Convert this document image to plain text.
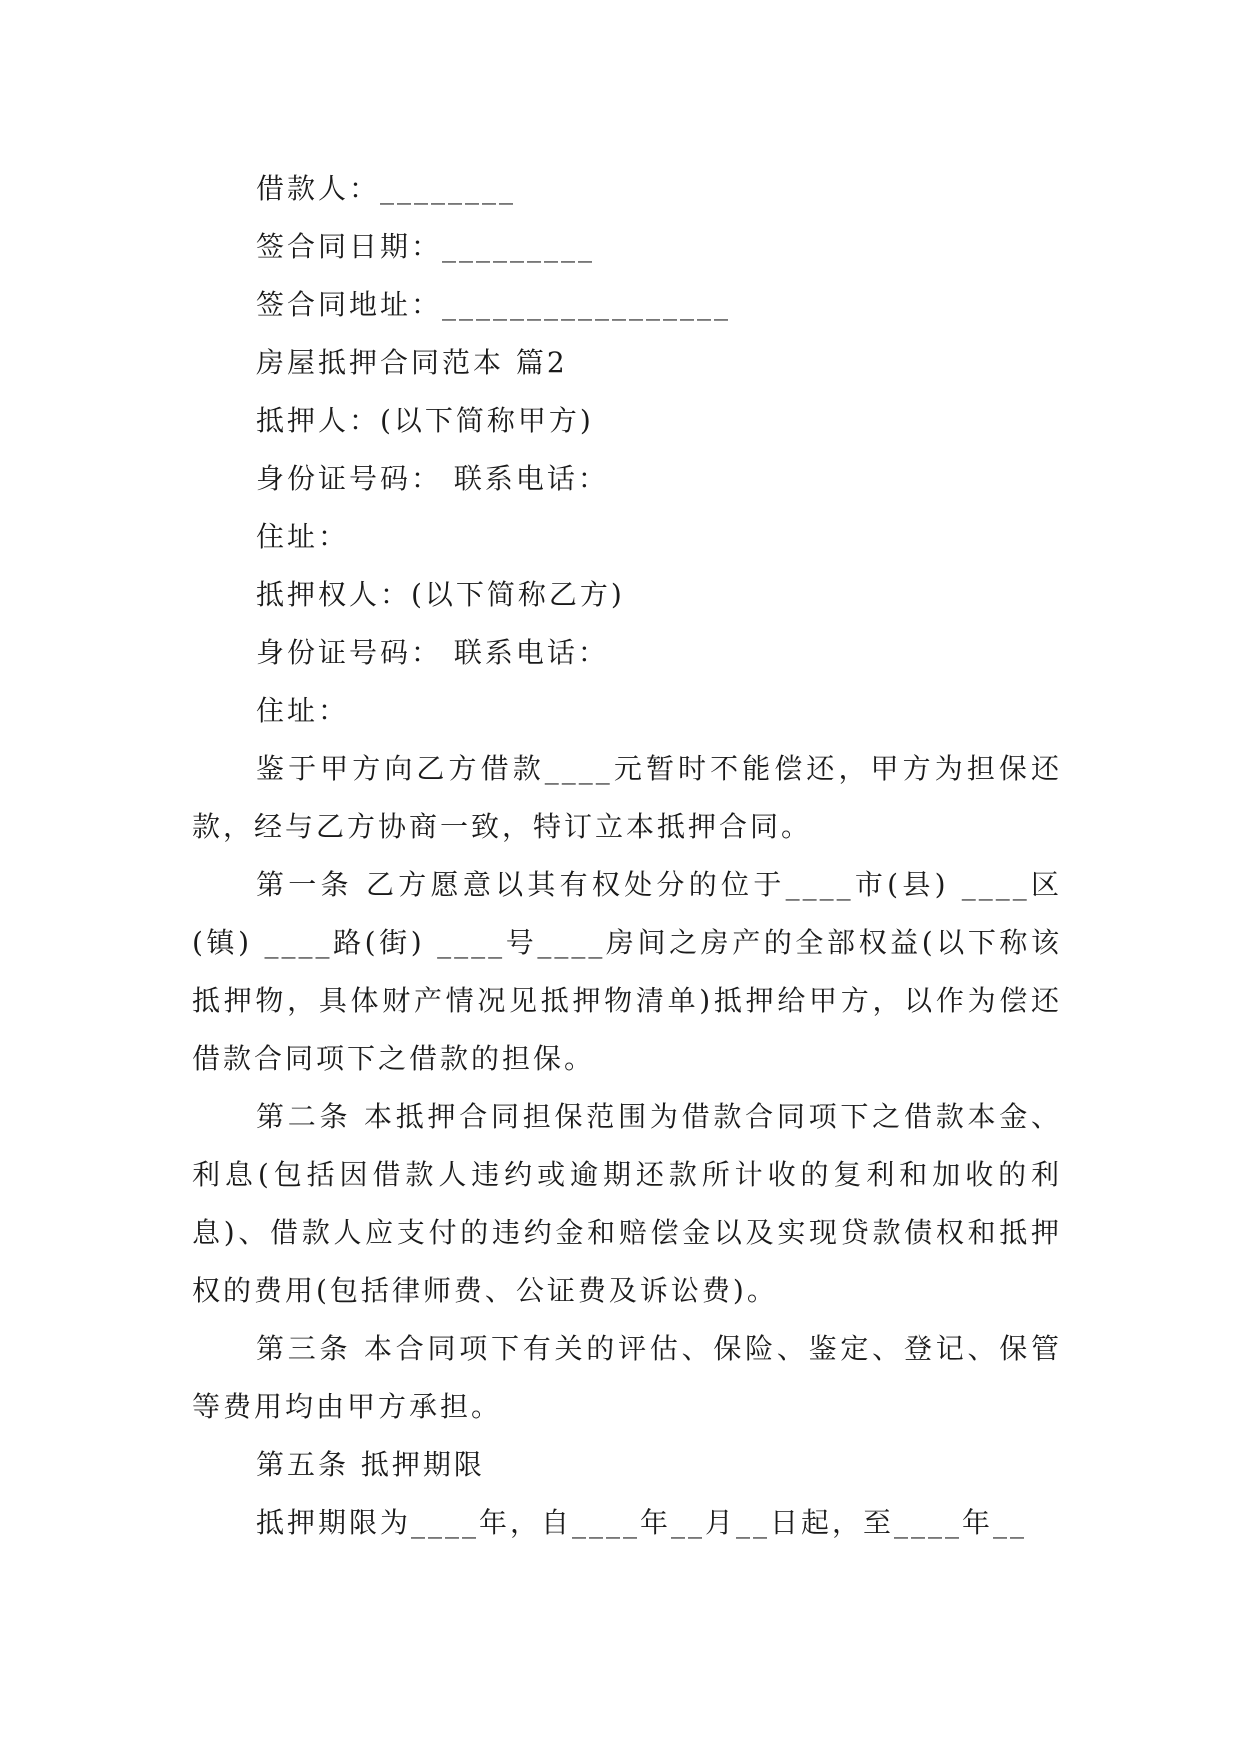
借款人：________

签合同日期：_________

签合同地址：_________________

房屋抵押合同范本 篇2

抵押人：(以下简称甲方)

身份证号码： 联系电话：

住址：

抵押权人：(以下简称乙方)

身份证号码： 联系电话：

住址：

鉴于甲方向乙方借款____元暂时不能偿还，甲方为担保还款，经与乙方协商一致，特订立本抵押合同。

第一条 乙方愿意以其有权处分的位于____市(县) ____区(镇) ____路(街) ____号____房间之房产的全部权益(以下称该抵押物，具体财产情况见抵押物清单)抵押给甲方，以作为偿还借款合同项下之借款的担保。

第二条 本抵押合同担保范围为借款合同项下之借款本金、利息(包括因借款人违约或逾期还款所计收的复利和加收的利息)、借款人应支付的违约金和赔偿金以及实现贷款债权和抵押权的费用(包括律师费、公证费及诉讼费)。

第三条 本合同项下有关的评估、保险、鉴定、登记、保管等费用均由甲方承担。

第五条 抵押期限

抵押期限为____年，自____年__月__日起，至____年__
